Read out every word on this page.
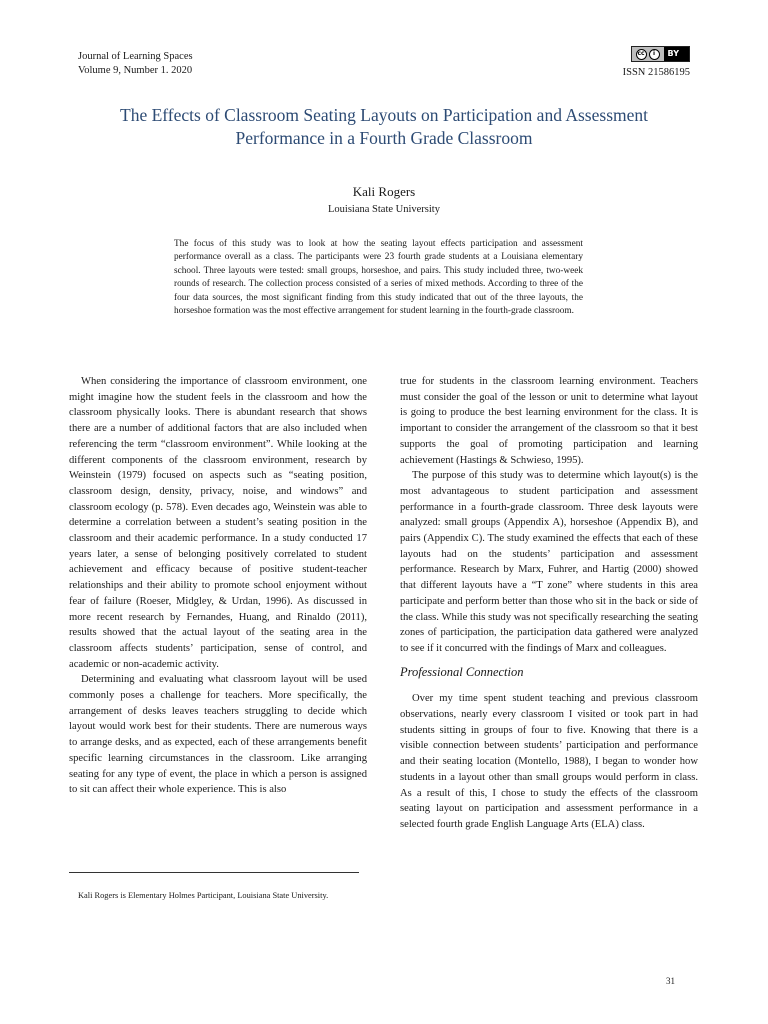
Journal of Learning Spaces
Volume 9, Number 1. 2020
cc	i	BY
ISSN 21586195
The Effects of Classroom Seating Layouts on Participation and Assessment Performance in a Fourth Grade Classroom
Kali Rogers
Louisiana State University

The focus of this study was to look at how the seating layout effects participation and assessment performance overall as a class. The participants were 23 fourth grade students at a Louisiana elementary school. Three layouts were tested: small groups, horseshoe, and pairs. This study included three, two-week rounds of research. The collection process consisted of a series of mixed methods. According to three of the four data sources, the most significant finding from this study indicated that out of the three layouts, the horseshoe formation was the most effective arrangement for student learning in the fourth-grade classroom.

When considering the importance of classroom environment, one might imagine how the student feels in the classroom and how the classroom physically looks. There is abundant research that shows there are a number of additional factors that are also included when referencing the term “classroom environment”. While looking at the different components of the classroom environment, research by Weinstein (1979) focused on aspects such as “seating position, classroom design, density, privacy, noise, and windows” and classroom ecology (p. 578). Even decades ago, Weinstein was able to determine a correlation between a student’s seating position in the classroom and their academic performance. In a study conducted 17 years later, a sense of belonging positively correlated to student achievement and efficacy because of positive student-teacher relationships and their ability to promote school enjoyment without fear of failure (Roeser, Midgley, & Urdan, 1996). As discussed in more recent research by Fernandes, Huang, and Rinaldo (2011), results showed that the actual layout of the seating area in the classroom affects students’ participation, sense of control, and academic or non-academic activity.

Determining and evaluating what classroom layout will be used commonly poses a challenge for teachers. More specifically, the arrangement of desks leaves teachers struggling to decide which layout would work best for their students. There are numerous ways to arrange desks, and as expected, each of these arrangements benefit specific learning circumstances in the classroom. Like arranging seating for any type of event, the place in which a person is assigned to sit can affect their whole experience. This is also

true for students in the classroom learning environment. Teachers must consider the goal of the lesson or unit to determine what layout is going to produce the best learning environment for the class. It is important to consider the arrangement of the classroom so that it best supports the goal of promoting participation and learning achievement (Hastings & Schwieso, 1995).

The purpose of this study was to determine which layout(s) is the most advantageous to student participation and assessment performance in a fourth-grade classroom. Three desk layouts were analyzed: small groups (Appendix A), horseshoe (Appendix B), and pairs (Appendix C). The study examined the effects that each of these layouts had on the students’ participation and assessment performance. Research by Marx, Fuhrer, and Hartig (2000) showed that different layouts have a “T zone” where students in this area participate and perform better than those who sit in the back or side of the class. While this study was not specifically researching the seating zones of participation, the participation data gathered were analyzed to see if it concurred with the findings of Marx and colleagues.

Professional Connection

Over my time spent student teaching and previous classroom observations, nearly every classroom I visited or took part in had students sitting in groups of four to five. Knowing that there is a visible connection between students’ participation and performance and their seating location (Montello, 1988), I began to wonder how students in a layout other than small groups would perform in class. As a result of this, I chose to study the effects of the classroom seating layout on participation and assessment performance in a selected fourth grade English Language Arts (ELA) class.

Kali Rogers is Elementary Holmes Participant, Louisiana State University.
31
